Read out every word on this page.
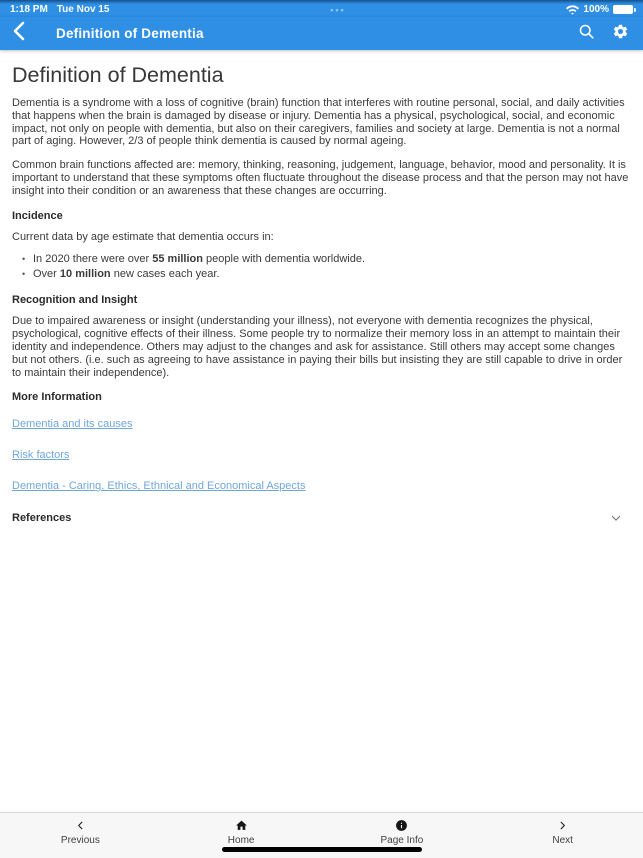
1:18 PM Tue Nov 15	•••	100%
Definition of Dementia
Definition of Dementia

Dementia is a syndrome with a loss of cognitive (brain) function that interferes with routine personal, social, and daily activities that happens when the brain is damaged by disease or injury. Dementia has a physical, psychological, social, and economic impact, not only on people with dementia, but also on their caregivers, families and society at large. Dementia is not a normal part of aging. However, 2/3 of people think dementia is caused by normal ageing.

Common brain functions affected are: memory, thinking, reasoning, judgement, language, behavior, mood and personality. It is important to understand that these symptoms often fluctuate throughout the disease process and that the person may not have insight into their condition or an awareness that these changes are occurring.

Incidence

Current data by age estimate that dementia occurs in:

• In 2020 there were over 55 million people with dementia worldwide.
• Over 10 million new cases each year.
Recognition and Insight

Due to impaired awareness or insight (understanding your illness), not everyone with dementia recognizes the physical, psychological, cognitive effects of their illness. Some people try to normalize their memory loss in an attempt to maintain their identity and independence. Others may adjust to the changes and ask for assistance. Still others may accept some changes but not others. (i.e. such as agreeing to have assistance in paying their bills but insisting they are still capable to drive in order to maintain their independence).

More Information
Dementia and its causes
Risk factors
Dementia - Caring, Ethics, Ethnical and Economical Aspects
References
Previous	Home	Page Info	Next
